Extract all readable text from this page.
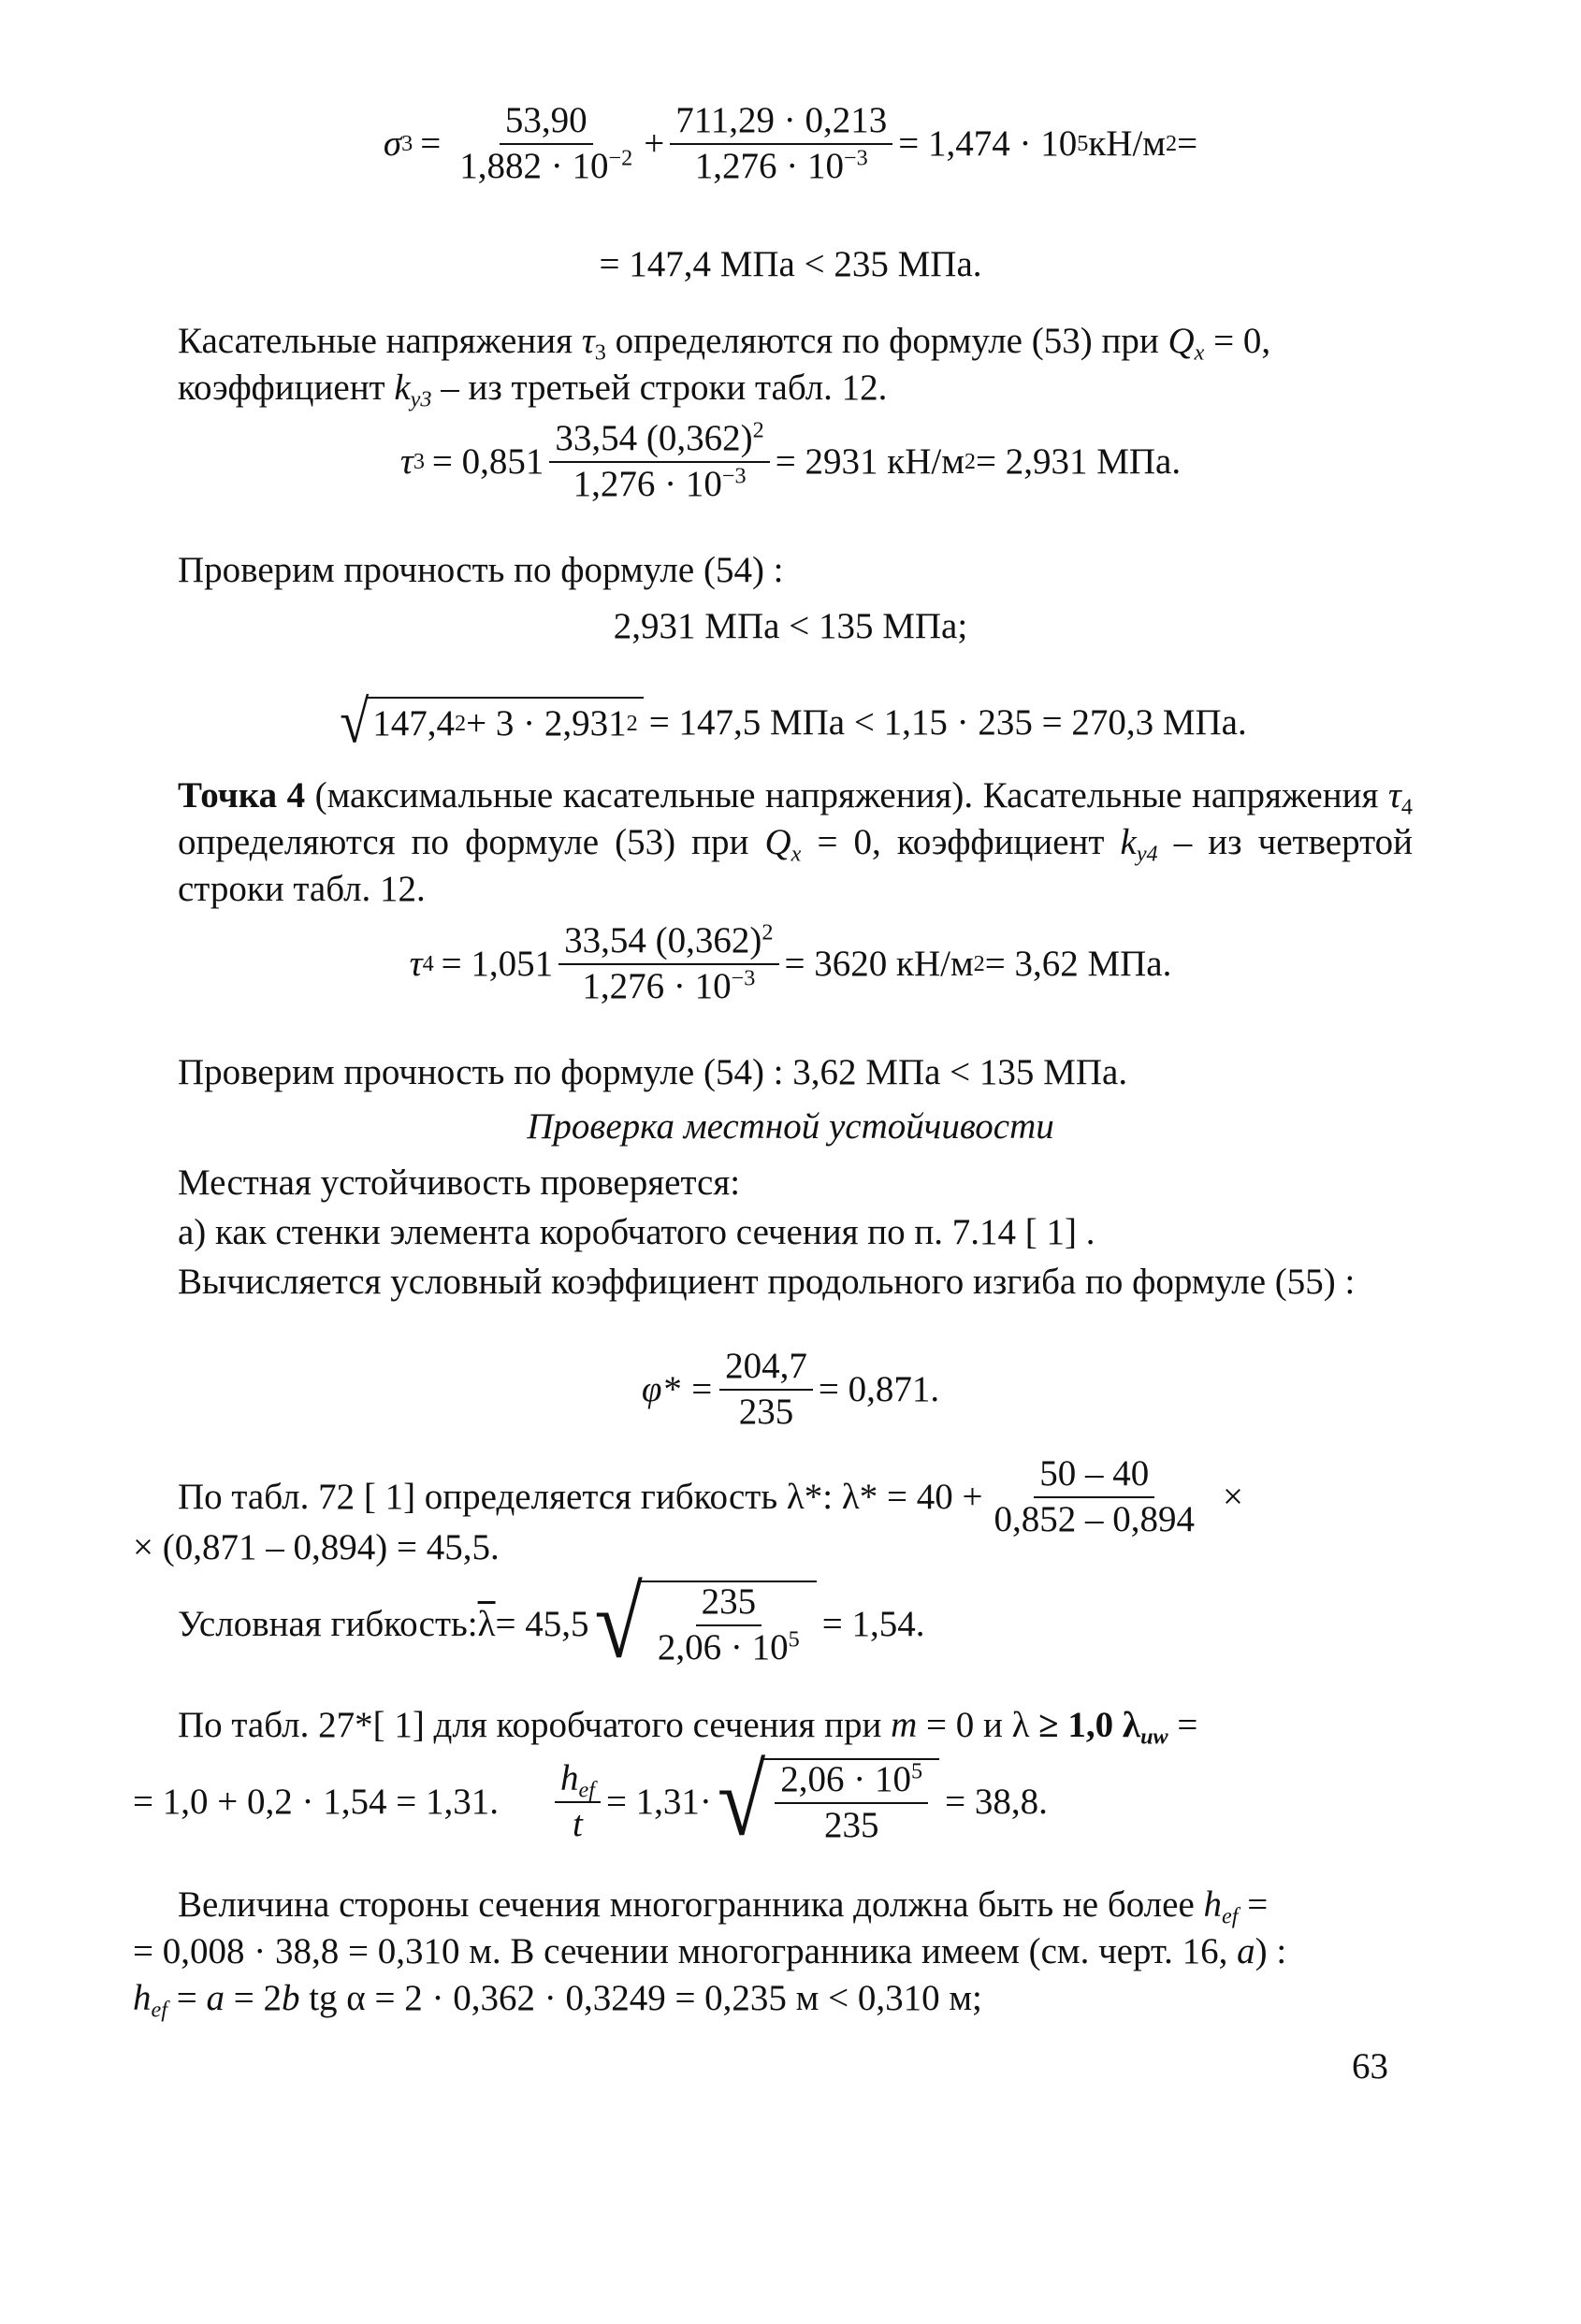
σ $3 = \frac{53,90}{1,882 \cdot 10^{-2}} + \frac{711,29 \cdot 0,213}{1,276 \cdot 10^{-3}} = 1,474 \cdot 10$ 5 кН/м 2 =
= 147,4 МПа < 235 МПа.
Касательные напряжения $\tau_3$ определяются по формуле (53) при $Q_x = 0$,
коэффициент $k_{y3}$ – из третьей строки табл. 12.
τ $3 = 0,851 \frac{33,54 (0,362)^2}{1,276 \cdot 10^{-3}} = 2931$ кН/м 2 = 2,931 МПа.
Проверим прочность по формуле (54) :
2,931 МПа < 135 МПа;
√ 147,4 2 + 3 · 2,931 2 = 147,5 МПа < 1,15 · 235 = 270,3 МПа.
Точка 4 (максимальные касательные напряжения). Касательные напряжения $\tau_4$ определяются по формуле (53) при $Q_x = 0$, коэффициент $k_{y4}$ – из четвертой строки табл. 12.
τ $4 = 1,051 \frac{33,54 (0,362)^2}{1,276 \cdot 10^{-3}} = 3620$ кН/м 2 = 3,62 МПа.
Проверим прочность по формуле (54) : 3,62 МПа < 135 МПа.
Проверка местной устойчивости
Местная устойчивость проверяется:
а) как стенки элемента коробчатого сечения по п. 7.14 [ 1] .
Вычисляется условный коэффициент продольного изгиба по формуле (55) :
$\varphi* = \frac{204,7}{235} = 0,871$.
По табл. 72 [ 1] определяется гибкость λ*: $\lambda* = 40 + \frac{50 - 40}{0,852 - 0,894}$ ×
× (0,871 – 0,894) = 45,5.
Условная гибкость: $\overline{\lambda} = 45,5$ √ $\frac{235}{2,06 \cdot 10^5} = 1,54$.
По табл. 27*[ 1] для коробчатого сечения при m = 0 и λ ≥ 1,0 $\lambda_{uw}$ =
= 1,0 + 0,2 · 1,54 = 1,31. $\frac{h_{ef}}{t} = 1,31\cdot$ √ $\frac{2,06 \cdot 10^5}{235} = 38,8$.
Величина стороны сечения многогранника должна быть не более $h_{ef}$ =
= 0,008 · 38,8 = 0,310 м. В сечении многогранника имеем (см. черт. 16, а) :
$h_{ef} = a = 2b$ tg α = 2 · 0,362 · 0,3249 = 0,235 м < 0,310 м;
63
